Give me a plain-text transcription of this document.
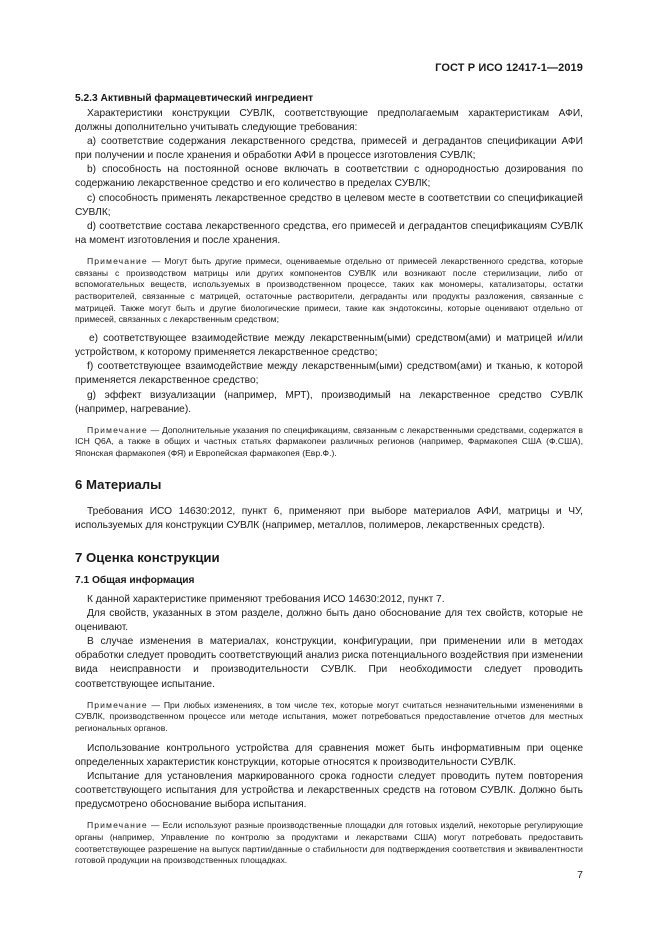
ГОСТ Р ИСО 12417-1—2019
5.2.3 Активный фармацевтический ингредиент

Характеристики конструкции СУВЛК, соответствующие предполагаемым характеристикам АФИ, должны дополнительно учитывать следующие требования:

a) соответствие содержания лекарственного средства, примесей и деградантов спецификации АФИ при получении и после хранения и обработки АФИ в процессе изготовления СУВЛК;

b) способность на постоянной основе включать в соответствии с однородностью дозирования по содержанию лекарственное средство и его количество в пределах СУВЛК;

c) способность применять лекарственное средство в целевом месте в соответствии со спецификацией СУВЛК;

d) соответствие состава лекарственного средства, его примесей и деградантов спецификациям СУВЛК на момент изготовления и после хранения.

Примечание — Могут быть другие примеси, оцениваемые отдельно от примесей лекарственного средства, которые связаны с производством матрицы или других компонентов СУВЛК или возникают после стерилизации, либо от вспомогательных веществ, используемых в производственном процессе, таких как мономеры, катализаторы, остатки растворителей, связанные с матрицей, остаточные растворители, деграданты или продукты разложения, связанные с матрицей. Также могут быть и другие биологические примеси, такие как эндотоксины, которые оценивают отдельно от примесей, связанных с лекарственным средством;

e) соответствующее взаимодействие между лекарственным(ыми) средством(ами) и матрицей и/или устройством, к которому применяется лекарственное средство;

f) соответствующее взаимодействие между лекарственным(ыми) средством(ами) и тканью, к которой применяется лекарственное средство;

g) эффект визуализации (например, МРТ), производимый на лекарственное средство СУВЛК (например, нагревание).

Примечание — Дополнительные указания по спецификациям, связанным с лекарственными средствами, содержатся в ICH Q6A, а также в общих и частных статьях фармакопеи различных регионов (например, Фармакопея США (Ф.США), Японская фармакопея (ФЯ) и Европейская фармакопея (Евр.Ф.).

6 Материалы

Требования ИСО 14630:2012, пункт 6, применяют при выборе материалов АФИ, матрицы и ЧУ, используемых для конструкции СУВЛК (например, металлов, полимеров, лекарственных средств).

7 Оценка конструкции
7.1 Общая информация

К данной характеристике применяют требования ИСО 14630:2012, пункт 7.

Для свойств, указанных в этом разделе, должно быть дано обоснование для тех свойств, которые не оценивают.

В случае изменения в материалах, конструкции, конфигурации, при применении или в методах обработки следует проводить соответствующий анализ риска потенциального воздействия при изменении вида неисправности и производительности СУВЛК. При необходимости следует проводить соответствующее испытание.

Примечание — При любых изменениях, в том числе тех, которые могут считаться незначительными изменениями в СУВЛК, производственном процессе или методе испытания, может потребоваться предоставление отчетов для местных региональных органов.

Использование контрольного устройства для сравнения может быть информативным при оценке определенных характеристик конструкции, которые относятся к производительности СУВЛК.

Испытание для установления маркированного срока годности следует проводить путем повторения соответствующего испытания для устройства и лекарственных средств на готовом СУВЛК. Должно быть предусмотрено обоснование выбора испытания.

Примечание — Если используют разные производственные площадки для готовых изделий, некоторые регулирующие органы (например, Управление по контролю за продуктами и лекарствами США) могут потребовать предоставить соответствующее разрешение на выпуск партии/данные о стабильности для подтверждения соответствия и эквивалентности готовой продукции на производственных площадках.

7
